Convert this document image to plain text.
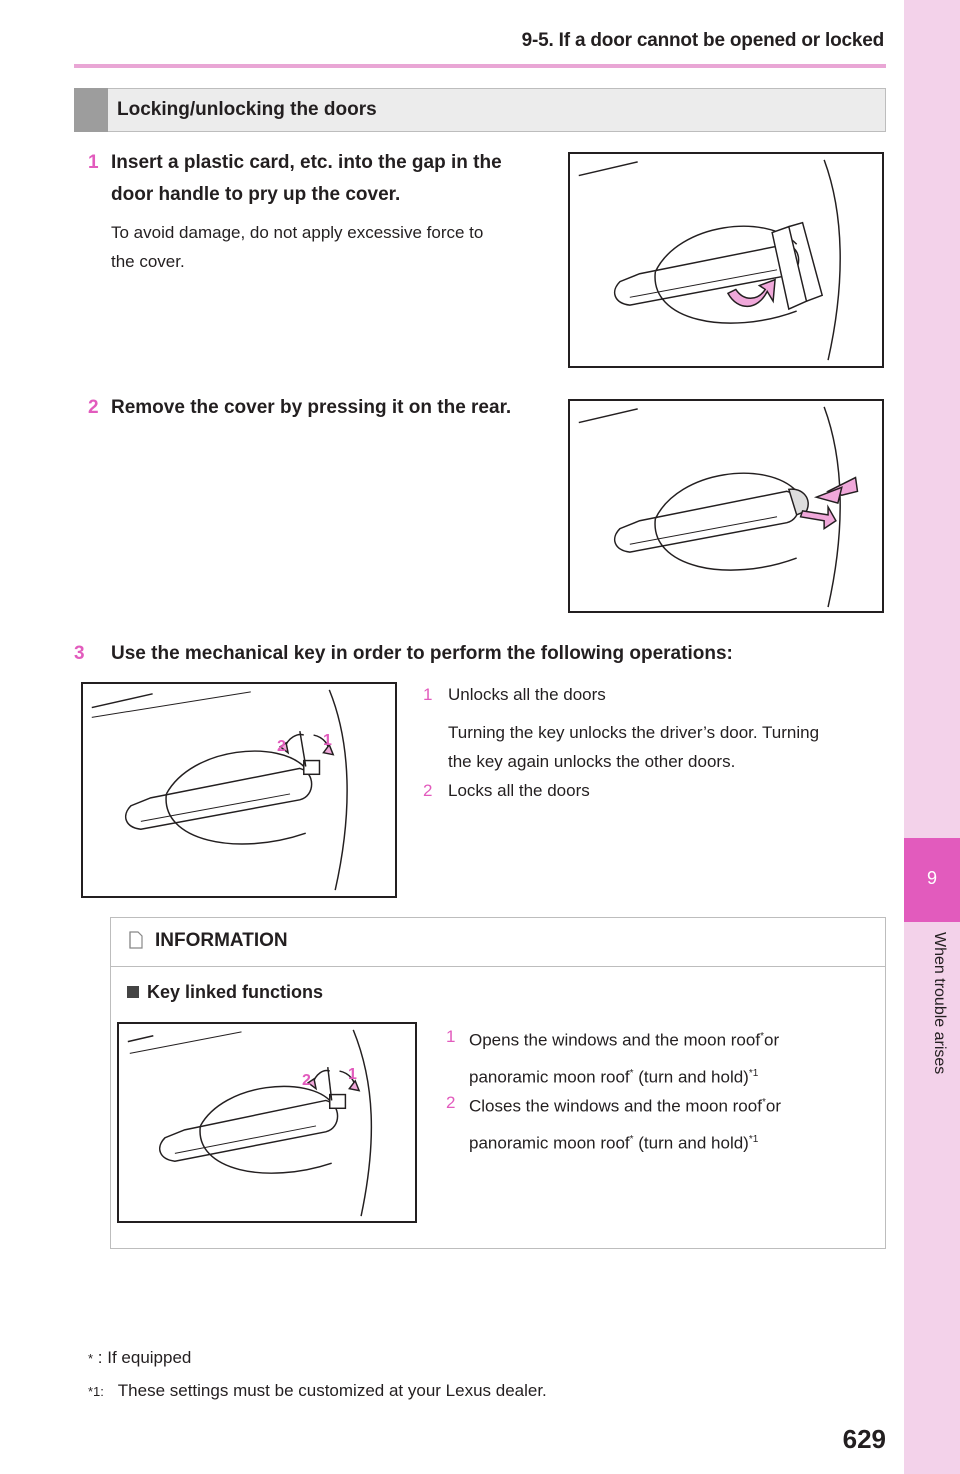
9-5. If a door cannot be opened or locked
9
When trouble arises
Locking/unlocking the doors
1 Insert a plastic card, etc. into the gap in the
door handle to pry up the cover.
To avoid damage, do not apply excessive force to
the cover.
2 Remove the cover by pressing it on the rear.
3 Use the mechanical key in order to perform the following operations:
2 1
1 Unlocks all the doors
Turning the key unlocks the driver’s door. Turning
the key again unlocks the other doors.
2 Locks all the doors
INFORMATION
Key linked functions
2 1
1 Opens the windows and the moon roof*or
panoramic moon roof* (turn and hold)$^{*1}$
2 Closes the windows and the moon roof*or
panoramic moon roof* (turn and hold)$^{*1}$
* : If equipped
*1: These settings must be customized at your Lexus dealer.
629
